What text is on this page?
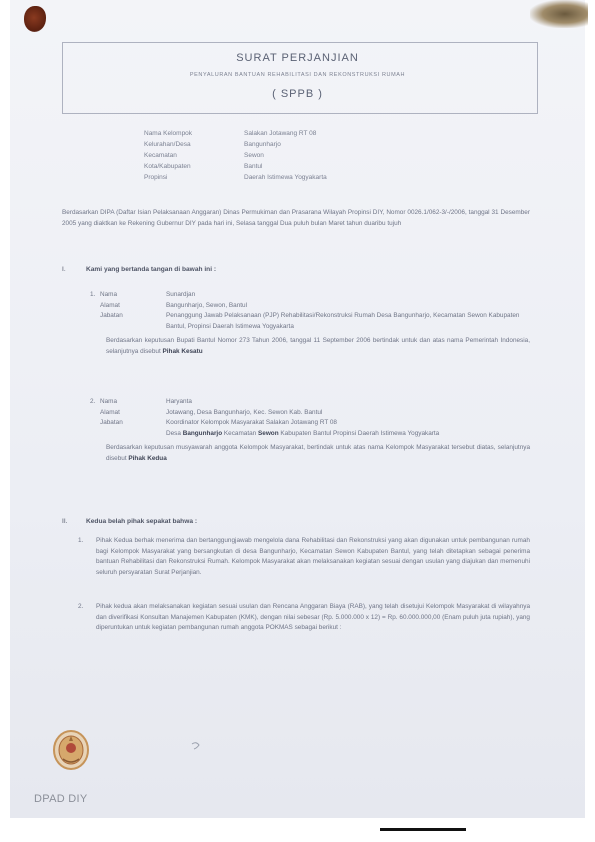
SURAT PERJANJIAN
PENYALURAN BANTUAN REHABILITASI DAN REKONSTRUKSI RUMAH
( SPPB )
Nama Kelompok	Salakan Jotawang RT 08
Kelurahan/Desa	Bangunharjo
Kecamatan	Sewon
Kota/Kabupaten	Bantul
Propinsi	Daerah Istimewa Yogyakarta
Berdasarkan DIPA (Daftar Isian Pelaksanaan Anggaran) Dinas Permukiman dan Prasarana Wilayah Propinsi DIY, Nomor 0026.1/062-3/-/2006, tanggal 31 Desember 2005 yang diaktkan ke Rekening Gubernur DIY pada hari ini, Selasa tanggal Dua puluh bulan Maret tahun duaribu tujuh
I.	Kami yang bertanda tangan di bawah ini :
1. Nama	Sunardjan
Alamat	Bangunharjo, Sewon, Bantul
Jabatan	Penanggung Jawab Pelaksanaan (PJP) Rehabilitasi/Rekonstruksi Rumah Desa Bangunharjo, Kecamatan Sewon Kabupaten Bantul, Propinsi Daerah Istimewa Yogyakarta
Berdasarkan keputusan Bupati Bantul Nomor 273 Tahun 2006, tanggal 11 September 2006 bertindak untuk dan atas nama Pemerintah Indonesia, selanjutnya disebut Pihak Kesatu
2. Nama	Haryanta
Alamat	Jotawang, Desa Bangunharjo, Kec. Sewon Kab. Bantul
Jabatan	Koordinator Kelompok Masyarakat Salakan Jotawang RT 08
Desa Bangunharjo Kecamatan Sewon Kabupaten Bantul Propinsi Daerah Istimewa Yogyakarta
Berdasarkan keputusan musyawarah anggota Kelompok Masyarakat, bertindak untuk atas nama Kelompok Masyarakat tersebut diatas, selanjutnya disebut Pihak Kedua
II.	Kedua belah pihak sepakat bahwa :
1. Pihak Kedua berhak menerima dan bertanggungjawab mengelola dana Rehabilitasi dan Rekonstruksi yang akan digunakan untuk pembangunan rumah bagi Kelompok Masyarakat yang bersangkutan di desa Bangunharjo, Kecamatan Sewon Kabupaten Bantul, yang telah ditetapkan sebagai penerima bantuan Rehabilitasi dan Rekonstruksi Rumah. Kelompok Masyarakat akan melaksanakan kegiatan sesuai dengan usulan yang diajukan dan memenuhi seluruh persyaratan Surat Perjanjian.
2. Pihak kedua akan melaksanakan kegiatan sesuai usulan dan Rencana Anggaran Biaya (RAB), yang telah disetujui Kelompok Masyarakat di wilayahnya dan diverifikasi Konsultan Manajemen Kabupaten (KMK), dengan nilai sebesar (Rp. 5.000.000 x 12) = Rp. 60.000.000,00 (Enam puluh juta rupiah), yang diperuntukan untuk kegiatan pembangunan rumah anggota POKMAS sebagai berikut :
DPAD DIY
